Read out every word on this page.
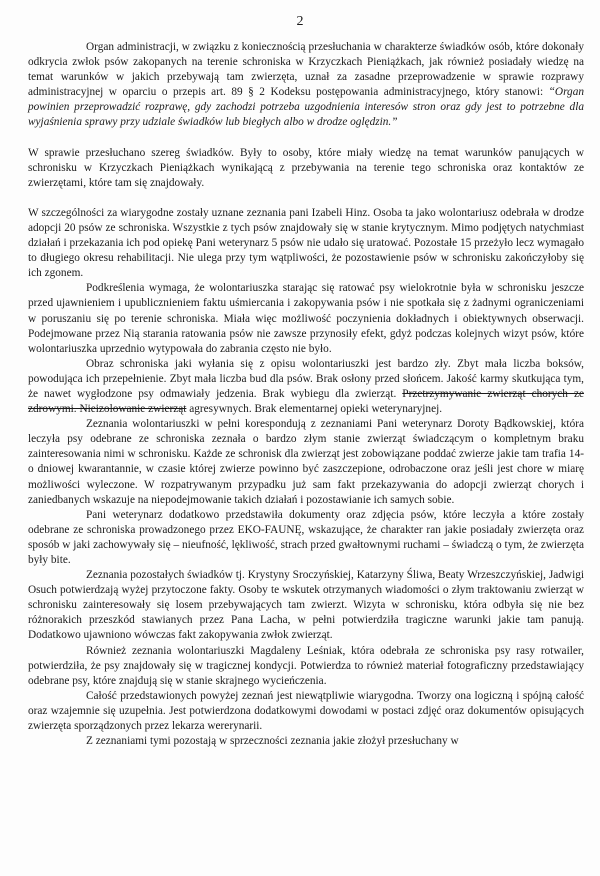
2

Organ administracji, w związku z koniecznością przesłuchania w charakterze świadków osób, które dokonały odkrycia zwłok psów zakopanych na terenie schroniska w Krzyczkach Pieniążkach, jak również posiadały wiedzę na temat warunków w jakich przebywają tam zwierzęta, uznał za zasadne przeprowadzenie w sprawie rozprawy administracyjnej w oparciu o przepis art. 89 § 2 Kodeksu postępowania administracyjnego, który stanowi: “Organ powinien przeprowadzić rozprawę, gdy zachodzi potrzeba uzgodnienia interesów stron oraz gdy jest to potrzebne dla wyjaśnienia sprawy przy udziale świadków lub biegłych albo w drodze oględzin.”

W sprawie przesłuchano szereg świadków. Były to osoby, które miały wiedzę na temat warunków panujących w schronisku w Krzyczkach Pieniążkach wynikającą z przebywania na terenie tego schroniska oraz kontaktów ze zwierzętami, które tam się znajdowały.

W szczególności za wiarygodne zostały uznane zeznania pani Izabeli Hinz. Osoba ta jako wolontariusz odebrała w drodze adopcji 20 psów ze schroniska. Wszystkie z tych psów znajdowały się w stanie krytycznym. Mimo podjętych natychmiast działań i przekazania ich pod opiekę Pani weterynarz 5 psów nie udało się uratować. Pozostałe 15 przeżyło lecz wymagało to długiego okresu rehabilitacji. Nie ulega przy tym wątpliwości, że pozostawienie psów w schronisku zakończyłoby się ich zgonem.

Podkreślenia wymaga, że wolontariuszka starając się ratować psy wielokrotnie była w schronisku jeszcze przed ujawnieniem i upublicznieniem faktu uśmiercania i zakopywania psów i nie spotkała się z żadnymi ograniczeniami w poruszaniu się po terenie schroniska. Miała więc możliwość poczynienia dokładnych i obiektywnych obserwacji. Podejmowane przez Nią starania ratowania psów nie zawsze przynosiły efekt, gdyż podczas kolejnych wizyt psów, które wolontariuszka uprzednio wytypowała do zabrania często nie było.

Obraz schroniska jaki wyłania się z opisu wolontariuszki jest bardzo zły. Zbyt mała liczba boksów, powodująca ich przepełnienie. Zbyt mała liczba bud dla psów. Brak osłony przed słońcem. Jakość karmy skutkująca tym, że nawet wygłodzone psy odmawiały jedzenia. Brak wybiegu dla zwierząt. Przetrzymywanie zwierząt chorych ze zdrowymi. Nieizolowanie zwierząt agresywnych. Brak elementarnej opieki weterynaryjnej.

Zeznania wolontariuszki w pełni korespondują z zeznaniami Pani weterynarz Doroty Bądkowskiej, która leczyła psy odebrane ze schroniska zeznała o bardzo złym stanie zwierząt świadczącym o kompletnym braku zainteresowania nimi w schronisku. Każde ze schronisk dla zwierząt jest zobowiązane poddać zwierze jakie tam trafia 14-o dniowej kwarantannie, w czasie której zwierze powinno być zaszczepione, odrobaczone oraz jeśli jest chore w miarę możliwości wyleczone. W rozpatrywanym przypadku już sam fakt przekazywania do adopcji zwierząt chorych i zaniedbanych wskazuje na niepodejmowanie takich działań i pozostawianie ich samych sobie.

Pani weterynarz dodatkowo przedstawiła dokumenty oraz zdjęcia psów, które leczyła a które zostały odebrane ze schroniska prowadzonego przez EKO-FAUNĘ, wskazujące, że charakter ran jakie posiadały zwierzęta oraz sposób w jaki zachowywały się – nieufność, lękliwość, strach przed gwałtownymi ruchami – świadczą o tym, że zwierzęta były bite.

Zeznania pozostałych świadków tj. Krystyny Sroczyńskiej, Katarzyny Śliwa, Beaty Wrzeszczyńskiej, Jadwigi Osuch potwierdzają wyżej przytoczone fakty. Osoby te wskutek otrzymanych wiadomości o złym traktowaniu zwierząt w schronisku zainteresowały się losem przebywających tam zwierzt. Wizyta w schronisku, która odbyła się nie bez różnorakich przeszkód stawianych przez Pana Lacha, w pełni potwierdziła tragiczne warunki jakie tam panują. Dodatkowo ujawniono wówczas fakt zakopywania zwłok zwierząt.

Również zeznania wolontariuszki Magdaleny Leśniak, która odebrała ze schroniska psy rasy rotwailer, potwierdziła, że psy znajdowały się w tragicznej kondycji. Potwierdza to również materiał fotograficzny przedstawiający odebrane psy, które znajdują się w stanie skrajnego wycieńczenia.

Całość przedstawionych powyżej zeznań jest niewątpliwie wiarygodna. Tworzy ona logiczną i spójną całość oraz wzajemnie się uzupełnia. Jest potwierdzona dodatkowymi dowodami w postaci zdjęć oraz dokumentów opisujących zwierzęta sporządzonych przez lekarza wererynarii.

Z zeznaniami tymi pozostają w sprzeczności zeznania jakie złożył przesłuchany w
